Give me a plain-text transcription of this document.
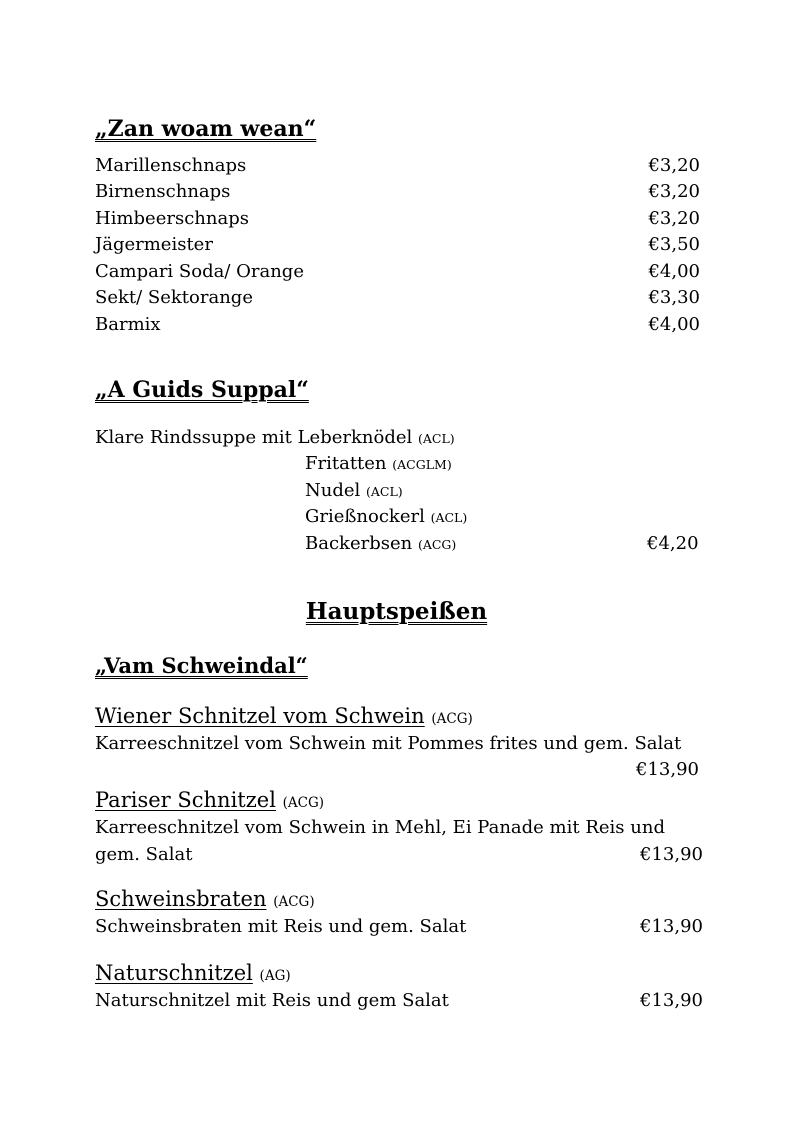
„Zan woam wean“
Marillenschnaps	€3,20
Birnenschnaps	€3,20
Himbeerschnaps	€3,20
Jägermeister	€3,50
Campari Soda/ Orange	€4,00
Sekt/ Sektorange	€3,30
Barmix	€4,00
„A Guids Suppal“
Klare Rindssuppe mit Leberknödel (ACL)
Fritatten (ACGLM)
Nudel (ACL)
Grießnockerl (ACL)
Backerbsen (ACG)	€4,20
Hauptspeißen
„Vam Schweindal“
Wiener Schnitzel vom Schwein (ACG)
Karreeschnitzel vom Schwein mit Pommes frites und gem. Salat
€13,90
Pariser Schnitzel (ACG)
Karreeschnitzel vom Schwein in Mehl, Ei Panade mit Reis und
gem. Salat	€13,90
Schweinsbraten (ACG)
Schweinsbraten mit Reis und gem. Salat	€13,90
Naturschnitzel (AG)
Naturschnitzel mit Reis und gem Salat	€13,90
